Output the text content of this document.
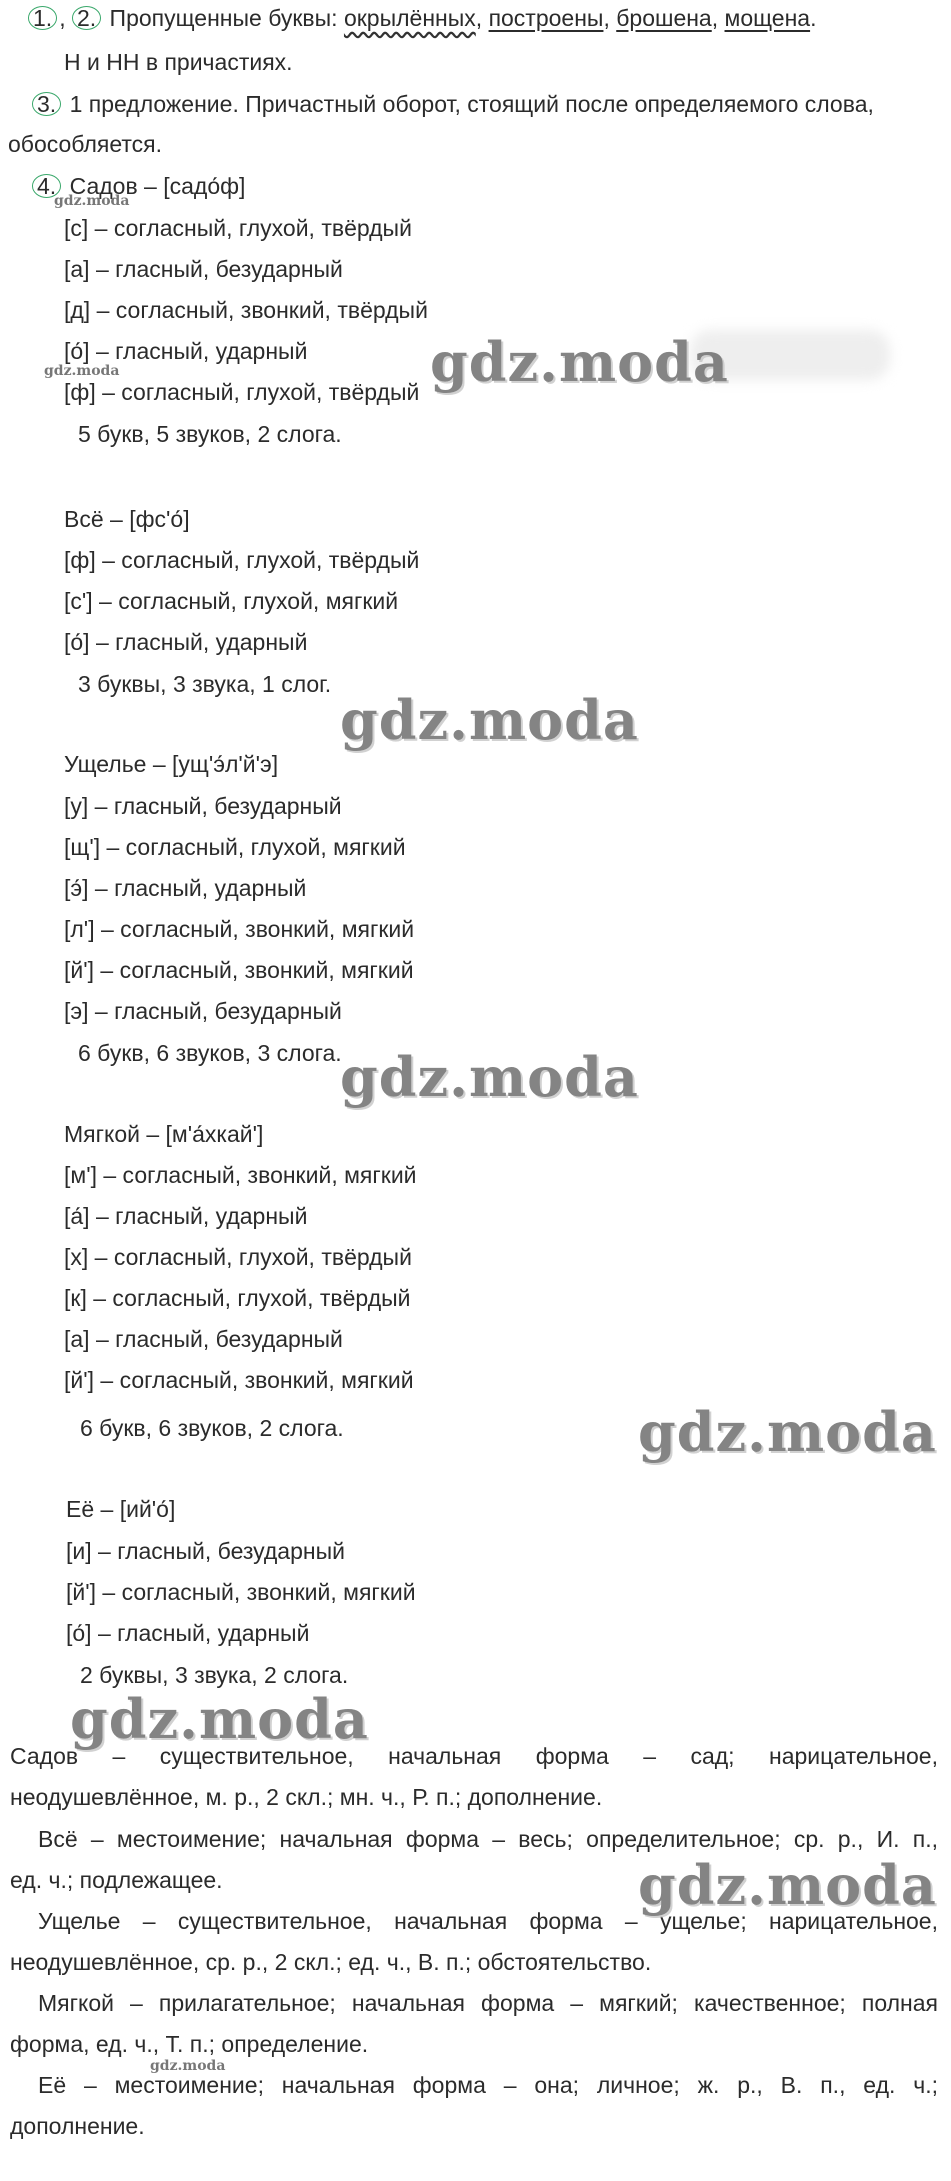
1. , 2. Пропущенные буквы: окрылённых, построены, брошена, мощена.
Н и НН в причастиях.
3. 1 предложение. Причастный оборот, стоящий после определяемого слова,
обособляется.
4. Садов – [садо́ф]
[с] – согласный, глухой, твёрдый
[а] – гласный, безударный
[д] – согласный, звонкий, твёрдый
[о́] – гласный, ударный
[ф] – согласный, глухой, твёрдый
5 букв, 5 звуков, 2 слога.
Всё – [фс'о́]
[ф] – согласный, глухой, твёрдый
[с'] – согласный, глухой, мягкий
[о́] – гласный, ударный
3 буквы, 3 звука, 1 слог.
Ущелье – [ущ'э́л'й'э]
[у] – гласный, безударный
[щ'] – согласный, глухой, мягкий
[э́] – гласный, ударный
[л'] – согласный, звонкий, мягкий
[й'] – согласный, звонкий, мягкий
[э] – гласный, безударный
6 букв, 6 звуков, 3 слога.
Мягкой – [м'а́хкай']
[м'] – согласный, звонкий, мягкий
[а́] – гласный, ударный
[х] – согласный, глухой, твёрдый
[к] – согласный, глухой, твёрдый
[а] – гласный, безударный
[й'] – согласный, звонкий, мягкий
6 букв, 6 звуков, 2 слога.
Её – [ий'о́]
[и] – гласный, безударный
[й'] – согласный, звонкий, мягкий
[о́] – гласный, ударный
2 буквы, 3 звука, 2 слога.
Садов – существительное, начальная форма – сад; нарицательное,
неодушевлённое, м. р., 2 скл.; мн. ч., Р. п.; дополнение.
Всё – местоимение; начальная форма – весь; определительное; ср. р., И. п.,
ед. ч.; подлежащее.
Ущелье – существительное, начальная форма – ущелье; нарицательное,
неодушевлённое, ср. р., 2 скл.; ед. ч., В. п.; обстоятельство.
Мягкой – прилагательное; начальная форма – мягкий; качественное; полная
форма, ед. ч., Т. п.; определение.
Её – местоимение; начальная форма – она; личное; ж. р., В. п., ед. ч.;
дополнение.
gdz.moda
gdz.moda	gdz.moda
gdz.moda
gdz.moda
gdz.moda
gdz.moda
gdz.moda
gdz.moda
